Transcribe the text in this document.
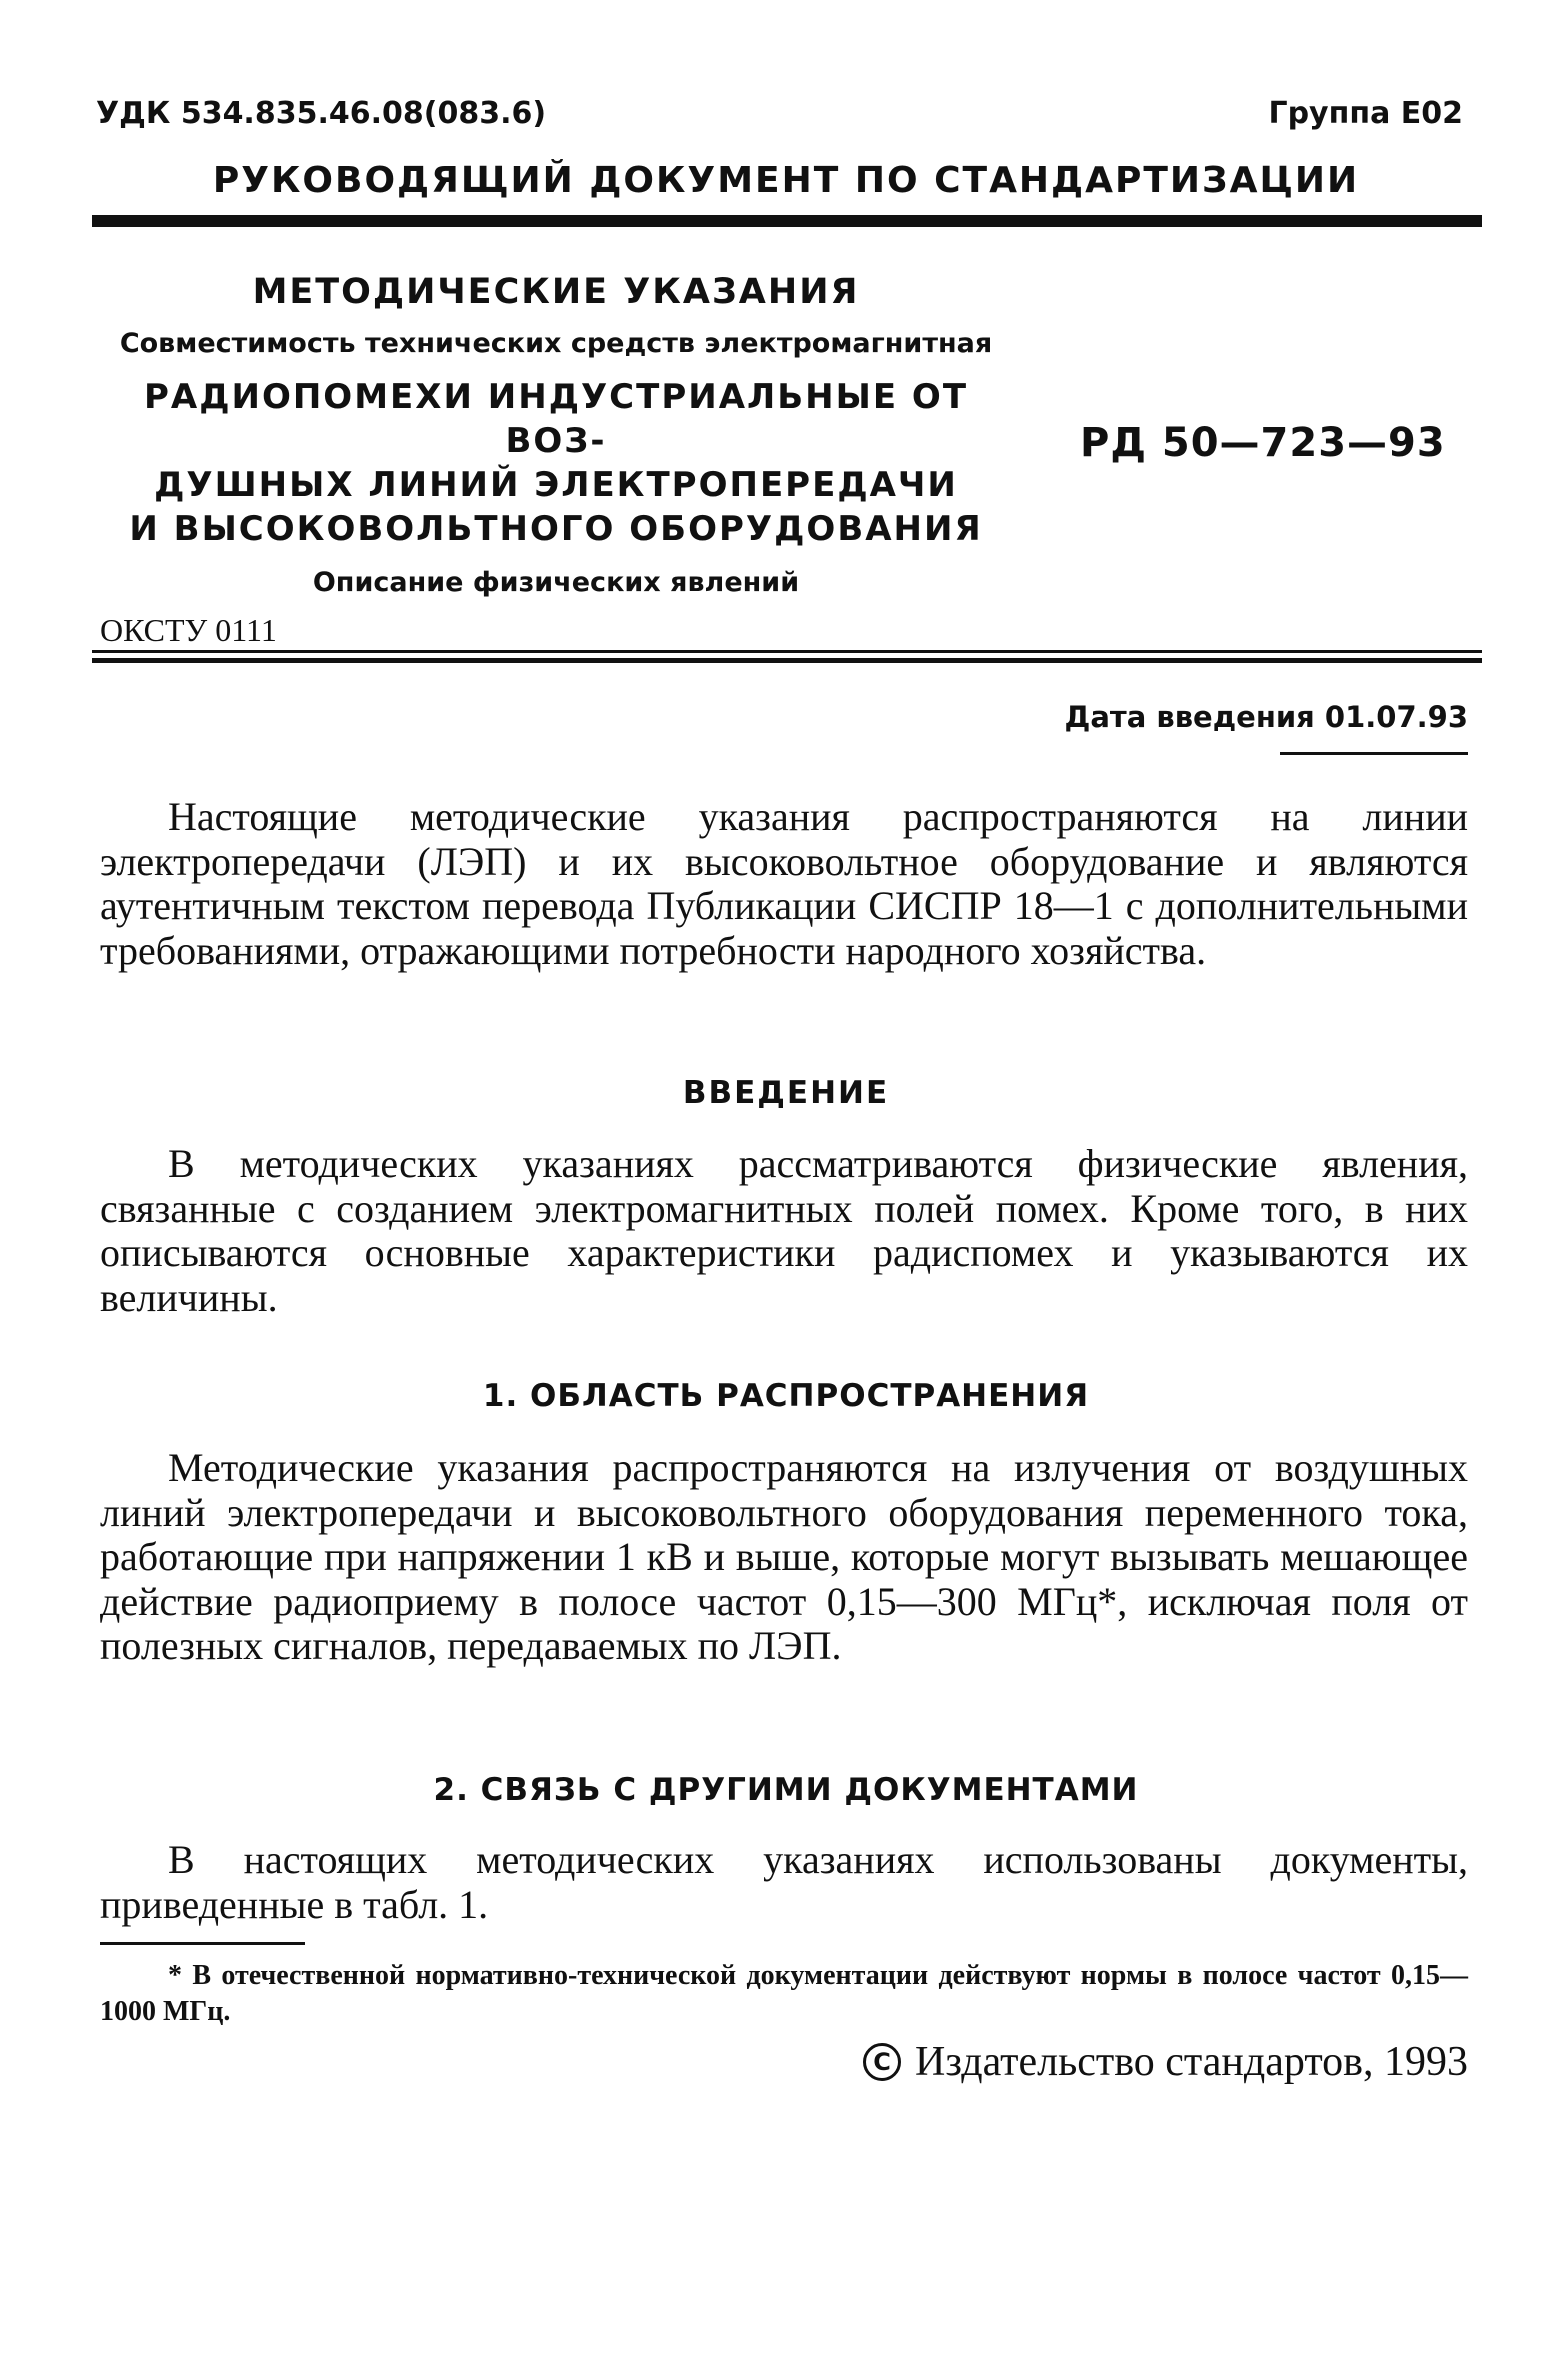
УДК 534.835.46.08(083.6)	Группа Е02
РУКОВОДЯЩИЙ ДОКУМЕНТ ПО СТАНДАРТИЗАЦИИ
МЕТОДИЧЕСКИЕ УКАЗАНИЯ
Совместимость технических средств электромагнитная
РАДИОПОМЕХИ ИНДУСТРИАЛЬНЫЕ ОТ ВОЗ-
ДУШНЫХ ЛИНИЙ ЭЛЕКТРОПЕРЕДАЧИ
И ВЫСОКОВОЛЬТНОГО ОБОРУДОВАНИЯ
Описание физических явлений
РД 50—723—93
ОКСТУ 0111
Дата введения 01.07.93

Настоящие методические указания распространяются на линии электропередачи (ЛЭП) и их высоковольтное оборудование и являются аутентичным текстом перевода Публикации СИСПР 18—1 с дополнительными требованиями, отражающими потребности народного хозяйства.

ВВЕДЕНИЕ

В методических указаниях рассматриваются физические явления, связанные с созданием электромагнитных полей помех. Кроме того, в них описываются основные характеристики радиспомех и указываются их величины.

1. ОБЛАСТЬ РАСПРОСТРАНЕНИЯ

Методические указания распространяются на излучения от воздушных линий электропередачи и высоковольтного оборудования переменного тока, работающие при напряжении 1 кВ и выше, которые могут вызывать мешающее действие радиоприему в полосе частот 0,15—300 МГц*, исключая поля от полезных сигналов, передаваемых по ЛЭП.

2. СВЯЗЬ С ДРУГИМИ ДОКУМЕНТАМИ

В настоящих методических указаниях использованы документы, приведенные в табл. 1.

* В отечественной нормативно-технической документации действуют нормы в полосе частот 0,15—1000 МГц.

C Издательство стандартов, 1993
